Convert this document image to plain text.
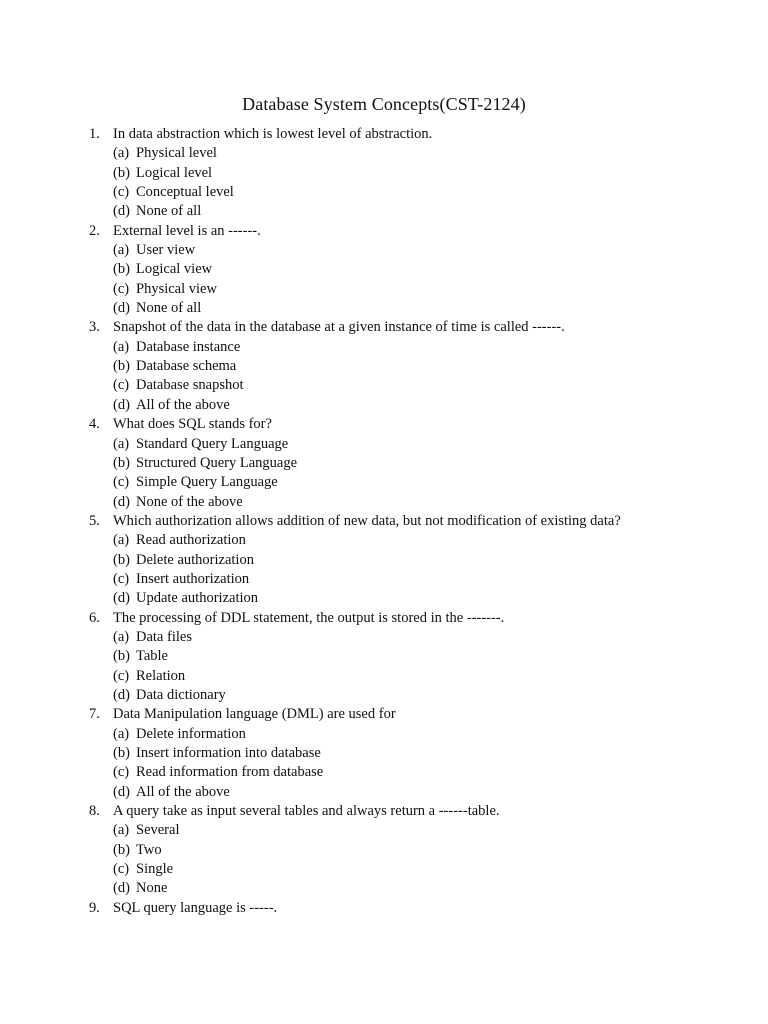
Database System Concepts(CST-2124)
1. In data abstraction which is lowest level of abstraction.
(a) Physical level
(b) Logical level
(c) Conceptual level
(d) None of all
2. External level is an ------.
(a) User view
(b) Logical view
(c) Physical view
(d) None of all
3. Snapshot of the data in the database at a given instance of time is called ------.
(a) Database instance
(b) Database schema
(c) Database snapshot
(d) All of the above
4. What does SQL stands for?
(a) Standard Query Language
(b) Structured Query Language
(c) Simple Query Language
(d) None of the above
5. Which authorization allows addition of new data, but not modification of existing data?
(a) Read authorization
(b) Delete authorization
(c) Insert authorization
(d) Update authorization
6. The processing of DDL statement, the output is stored in the -------.
(a) Data files
(b) Table
(c) Relation
(d) Data dictionary
7. Data Manipulation language (DML) are used for
(a) Delete information
(b) Insert information into database
(c) Read information from database
(d) All of the above
8. A query take as input several tables and always return a ------table.
(a) Several
(b) Two
(c) Single
(d) None
9. SQL query language is -----.
